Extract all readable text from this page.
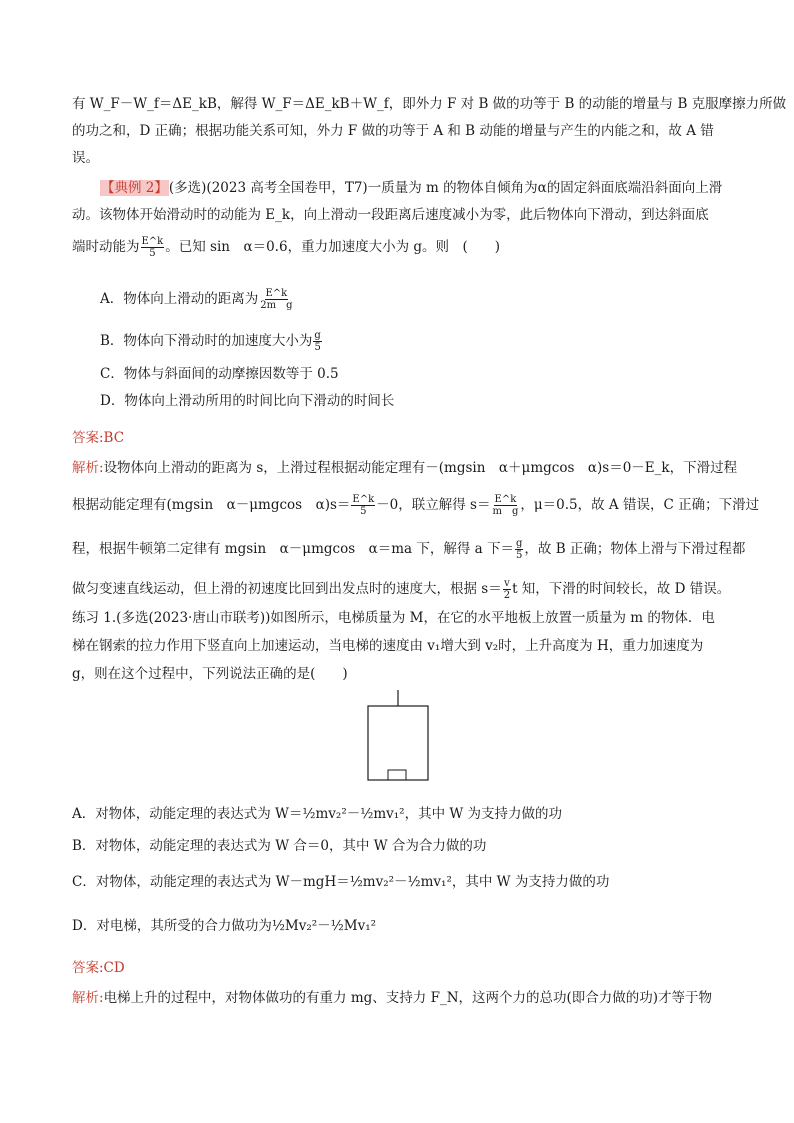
有 W_F－W_f＝ΔE_kB，解得 W_F＝ΔE_kB＋W_f，即外力 F 对 B 做的功等于 B 的动能的增量与 B 克服摩擦力所做
的功之和，D 正确；根据功能关系可知，外力 F 做的功等于 A 和 B 动能的增量与产生的内能之和，故 A 错
误。
【典例 2】(多选)(2023 高考全国卷甲，T7)一质量为 m 的物体自倾角为α的固定斜面底端沿斜面向上滑
动。该物体开始滑动时的动能为 E_k，向上滑动一段距离后速度减小为零，此后物体向下滑动，到达斜面底
端时动能为 $\frac{E\^{}k}{5}$ 。已知 sin　α＝0.6，重力加速度大小为 g。则　(　　)
A．物体向上滑动的距离为 $\frac{E\^{}k}{\text{2m　g}}$
B．物体向下滑动时的加速度大小为 $\frac{g}{5}$
C．物体与斜面间的动摩擦因数等于 0.5
D．物体向上滑动所用的时间比向下滑动的时间长
答案:BC
解析:设物体向上滑动的距离为 s，上滑过程根据动能定理有－(mgsin　α＋μmgcos　α)s＝0－E_k，下滑过程
根据动能定理有(mgsin　α－μmgcos　$\alpha)s= \frac{E\^{}k}{5} -0$，联立解得 $s= \frac{E\^{}k}{\text{m　g}}$ ，μ＝0.5，故 A 错误，C 正确；下滑过
程，根据牛顿第二定律有 mgsin　α－μmgcos　α＝ma 下，解得 a 下＝ $\frac{g}{5}$ ，故 B 正确；物体上滑与下滑过程都
做匀变速直线运动，但上滑的初速度比回到出发点时的速度大，根据 $s= \frac{v}{2}$ t 知，下滑的时间较长，故 D 错误。
练习 1.(多选(2023·唐山市联考))如图所示，电梯质量为 M，在它的水平地板上放置一质量为 m 的物体．电
梯在钢索的拉力作用下竖直向上加速运动，当电梯的速度由 v₁增大到 v₂时，上升高度为 H，重力加速度为
g，则在这个过程中，下列说法正确的是(　　)
A．对物体，动能定理的表达式为 W＝½mv₂²－½mv₁²，其中 W 为支持力做的功
B．对物体，动能定理的表达式为 W 合＝0，其中 W 合为合力做的功
C．对物体，动能定理的表达式为 W－mgH＝½mv₂²－½mv₁²，其中 W 为支持力做的功
D．对电梯，其所受的合力做功为½Mv₂²－½Mv₁²
答案:CD
解析:电梯上升的过程中，对物体做功的有重力 mg、支持力 F_N，这两个力的总功(即合力做的功)才等于物
